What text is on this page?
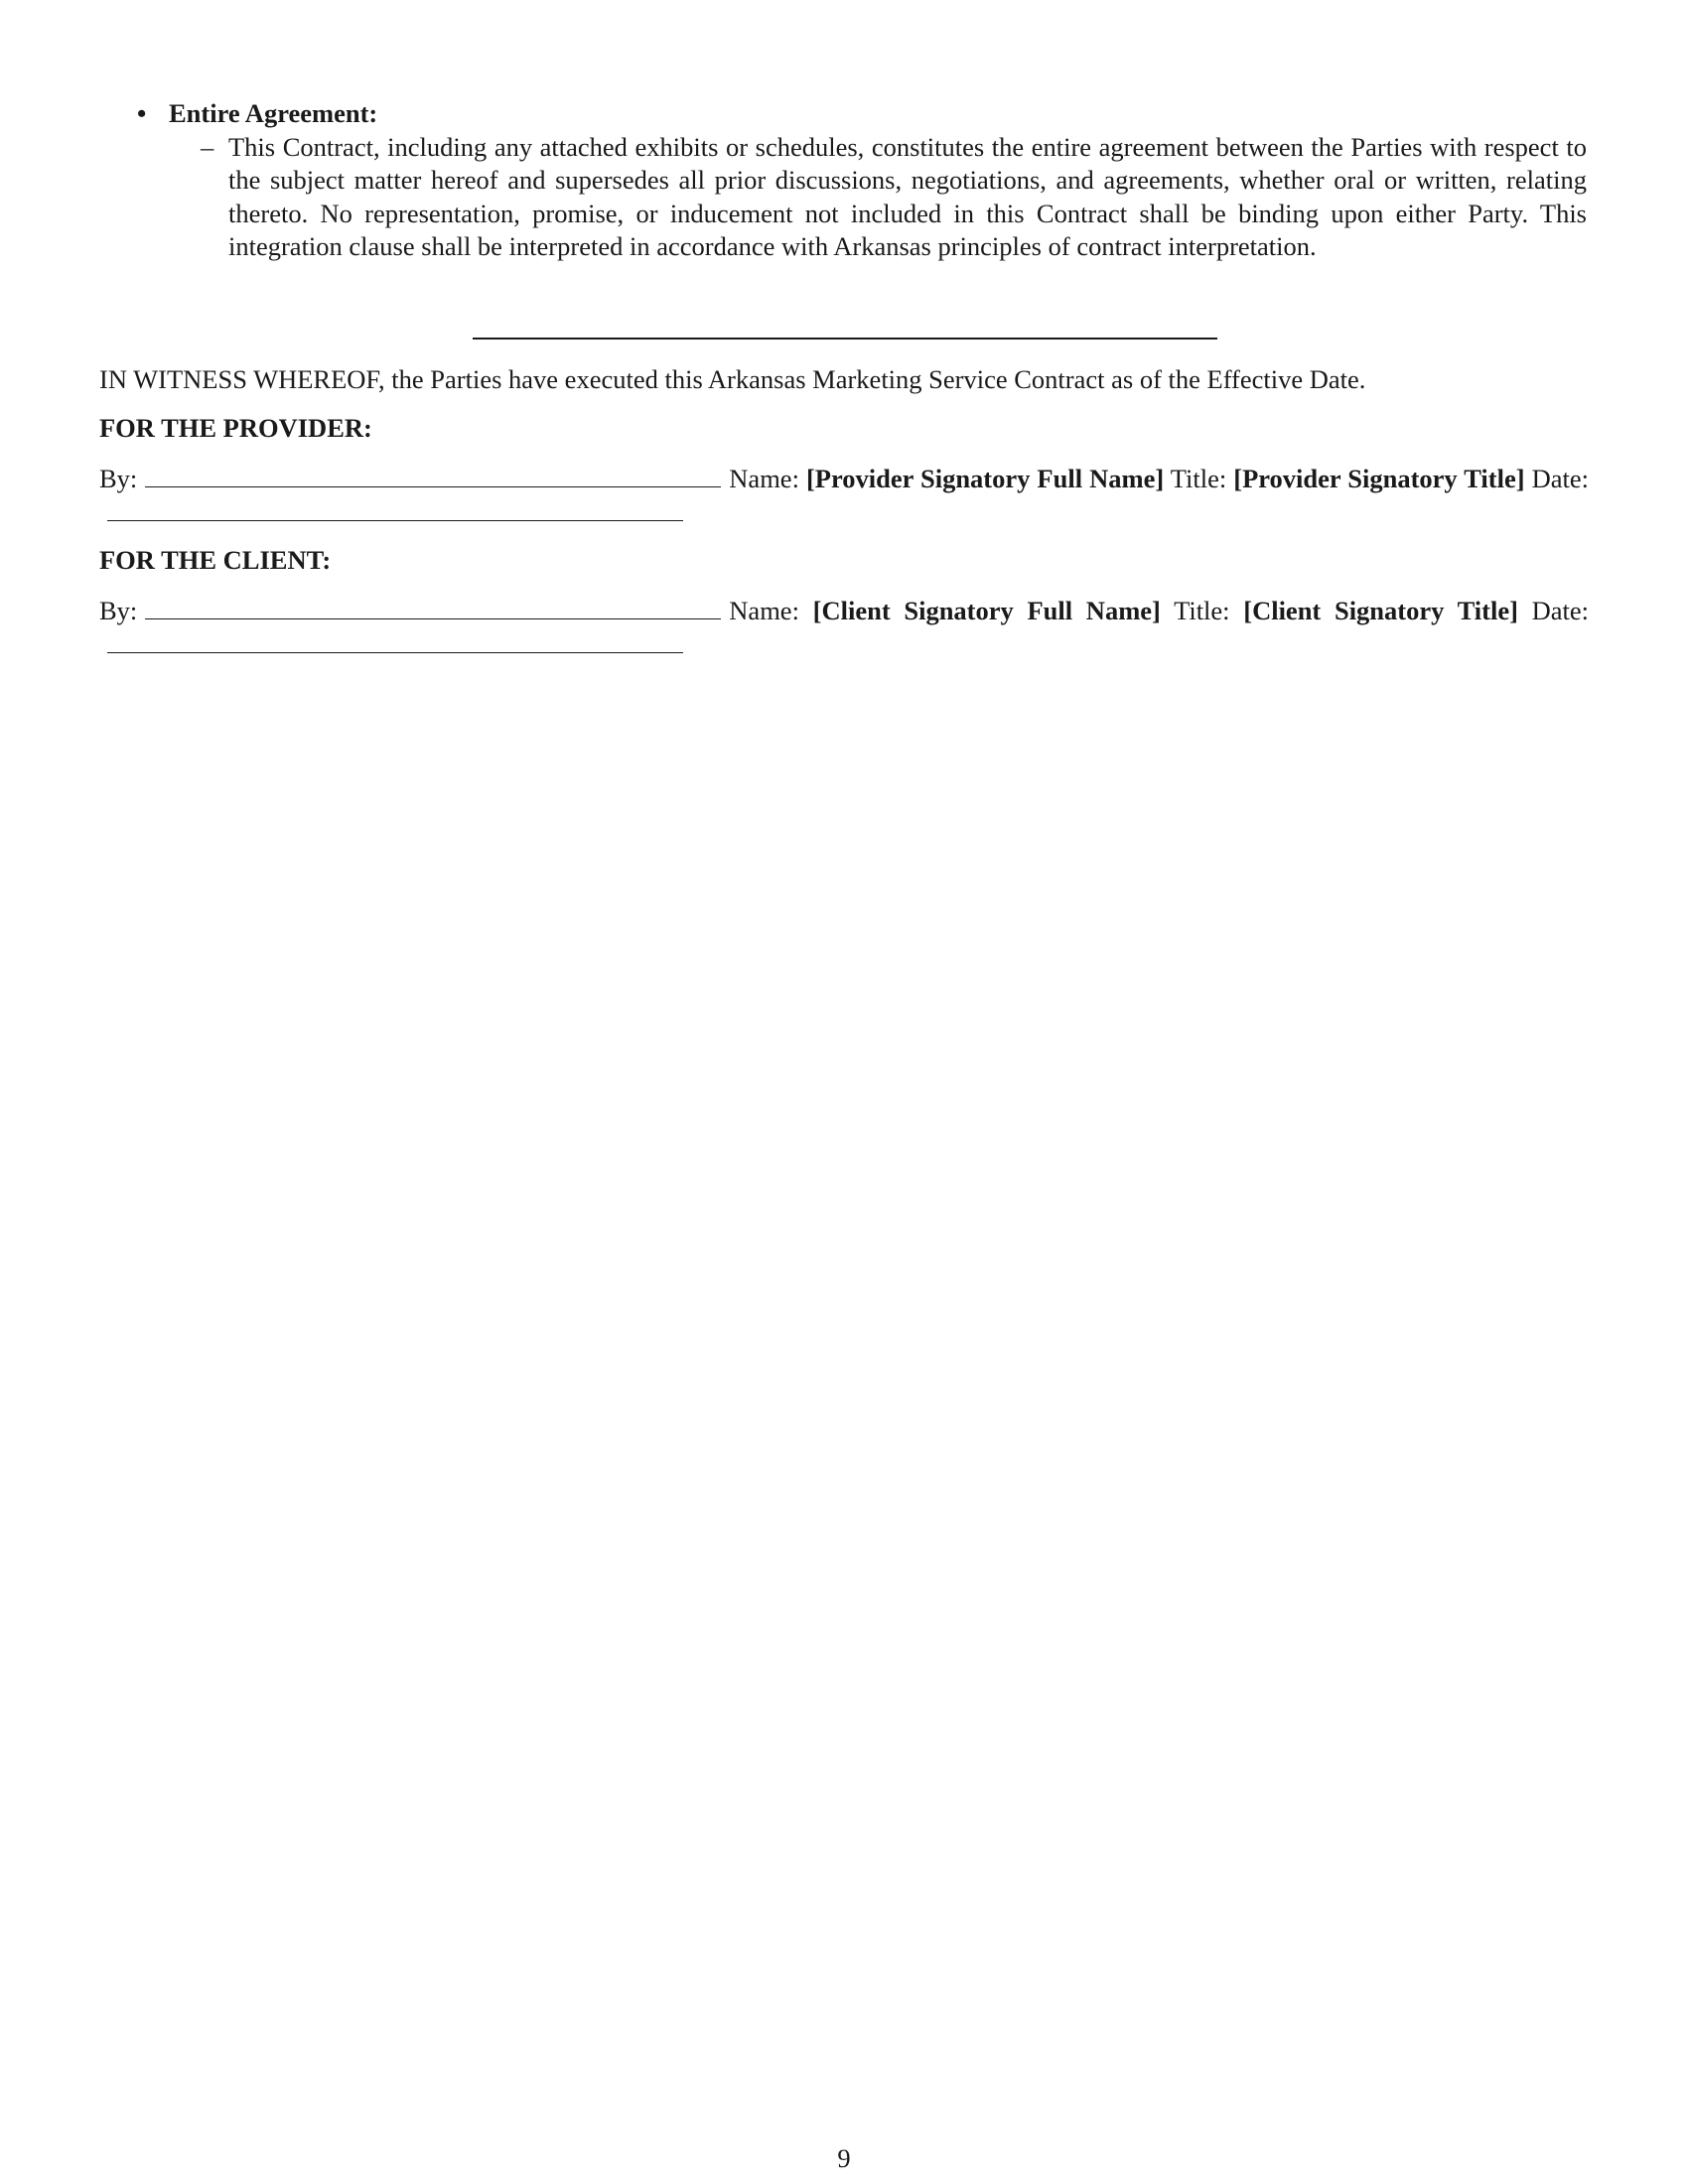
• Entire Agreement:
– This Contract, including any attached exhibits or schedules, constitutes the entire agreement between the Parties with respect to the subject matter hereof and supersedes all prior discussions, negotiations, and agreements, whether oral or written, relating thereto. No representation, promise, or inducement not included in this Contract shall be binding upon either Party. This integration clause shall be interpreted in accordance with Arkansas principles of contract interpretation.
IN WITNESS WHEREOF, the Parties have executed this Arkansas Marketing Service Contract as of the Effective Date.
FOR THE PROVIDER:
By:	Name: [Provider Signatory Full Name] Title: [Provider Signatory Title] Date:
FOR THE CLIENT:
By:	Name: [Client Signatory Full Name] Title: [Client Signatory Title] Date:
9
